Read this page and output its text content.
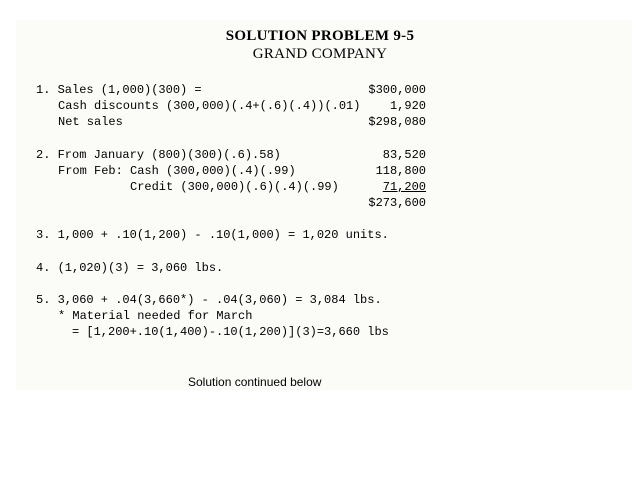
SOLUTION PROBLEM 9-5
GRAND COMPANY
1. Sales (1,000)(300) =	$300,000
Cash discounts (300,000)(.4+(.6)(.4))(.01)	1,920
Net sales	$298,080
2. From January (800)(300)(.6).58)	83,520
From Feb: Cash (300,000)(.4)(.99)	118,800
Credit (300,000)(.6)(.4)(.99)	71,200
$273,600
3. 1,000 + .10(1,200) - .10(1,000) = 1,020 units.
4. (1,020)(3) = 3,060 lbs.
5. 3,060 + .04(3,660*) - .04(3,060) = 3,084 lbs.
* Material needed for March
= [1,200+.10(1,400)-.10(1,200)](3)=3,660 lbs
Solution continued below
